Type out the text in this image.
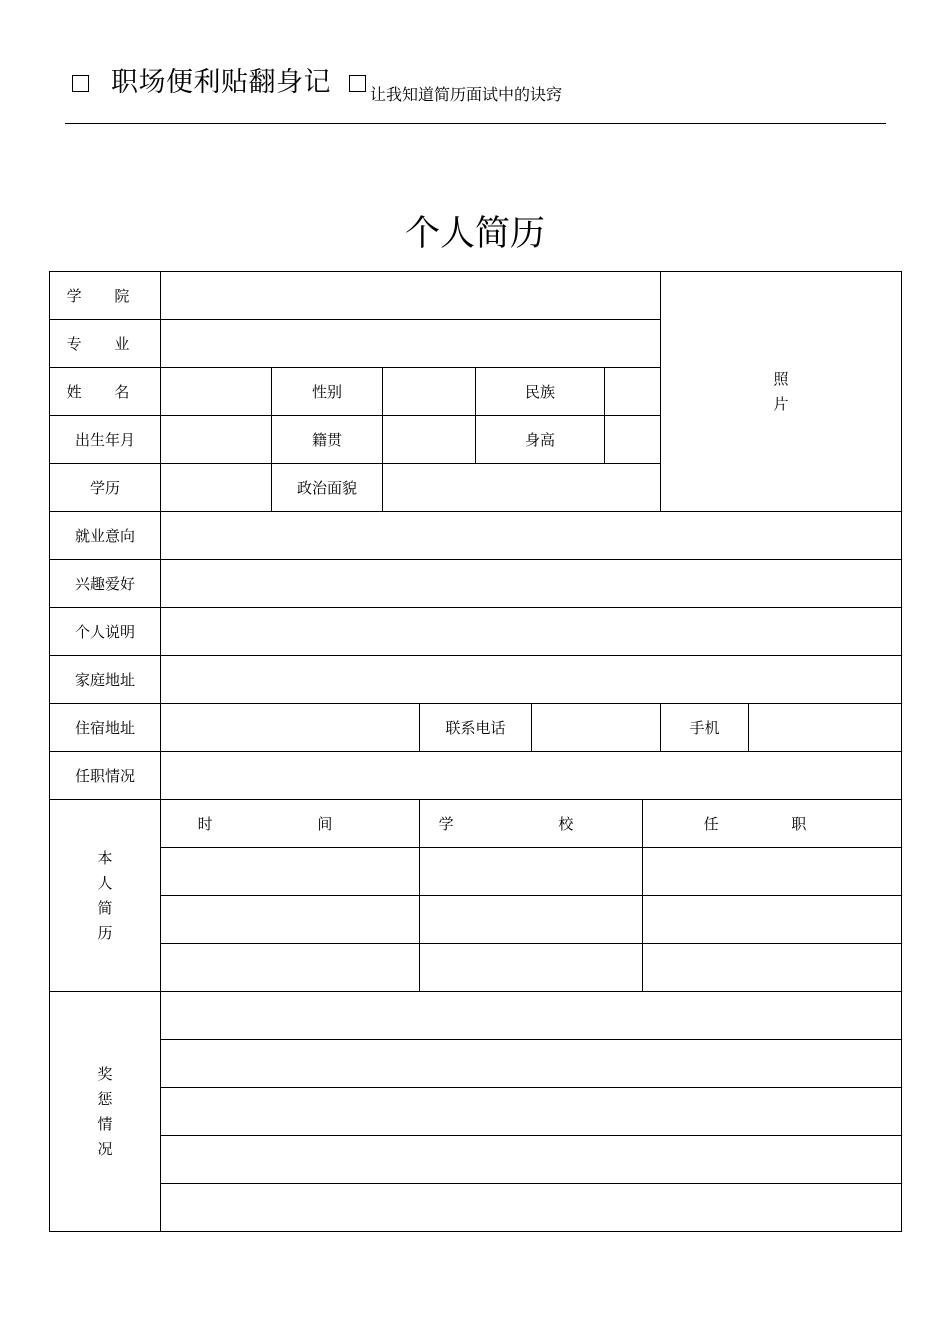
职场便利贴翻身记 让我知道简历面试中的诀窍
个人简历
学 院									照片	
专 业										
姓 名		性别			民族					
出生年月		籍贯			身高					
学历		政治面貌								
就业意向										
兴趣爱好										
个人说明										
家庭地址										
住宿地址				联系电话					手机	
任职情况										
本人简历	时 间			学 校				任 职		

奖惩情况										
